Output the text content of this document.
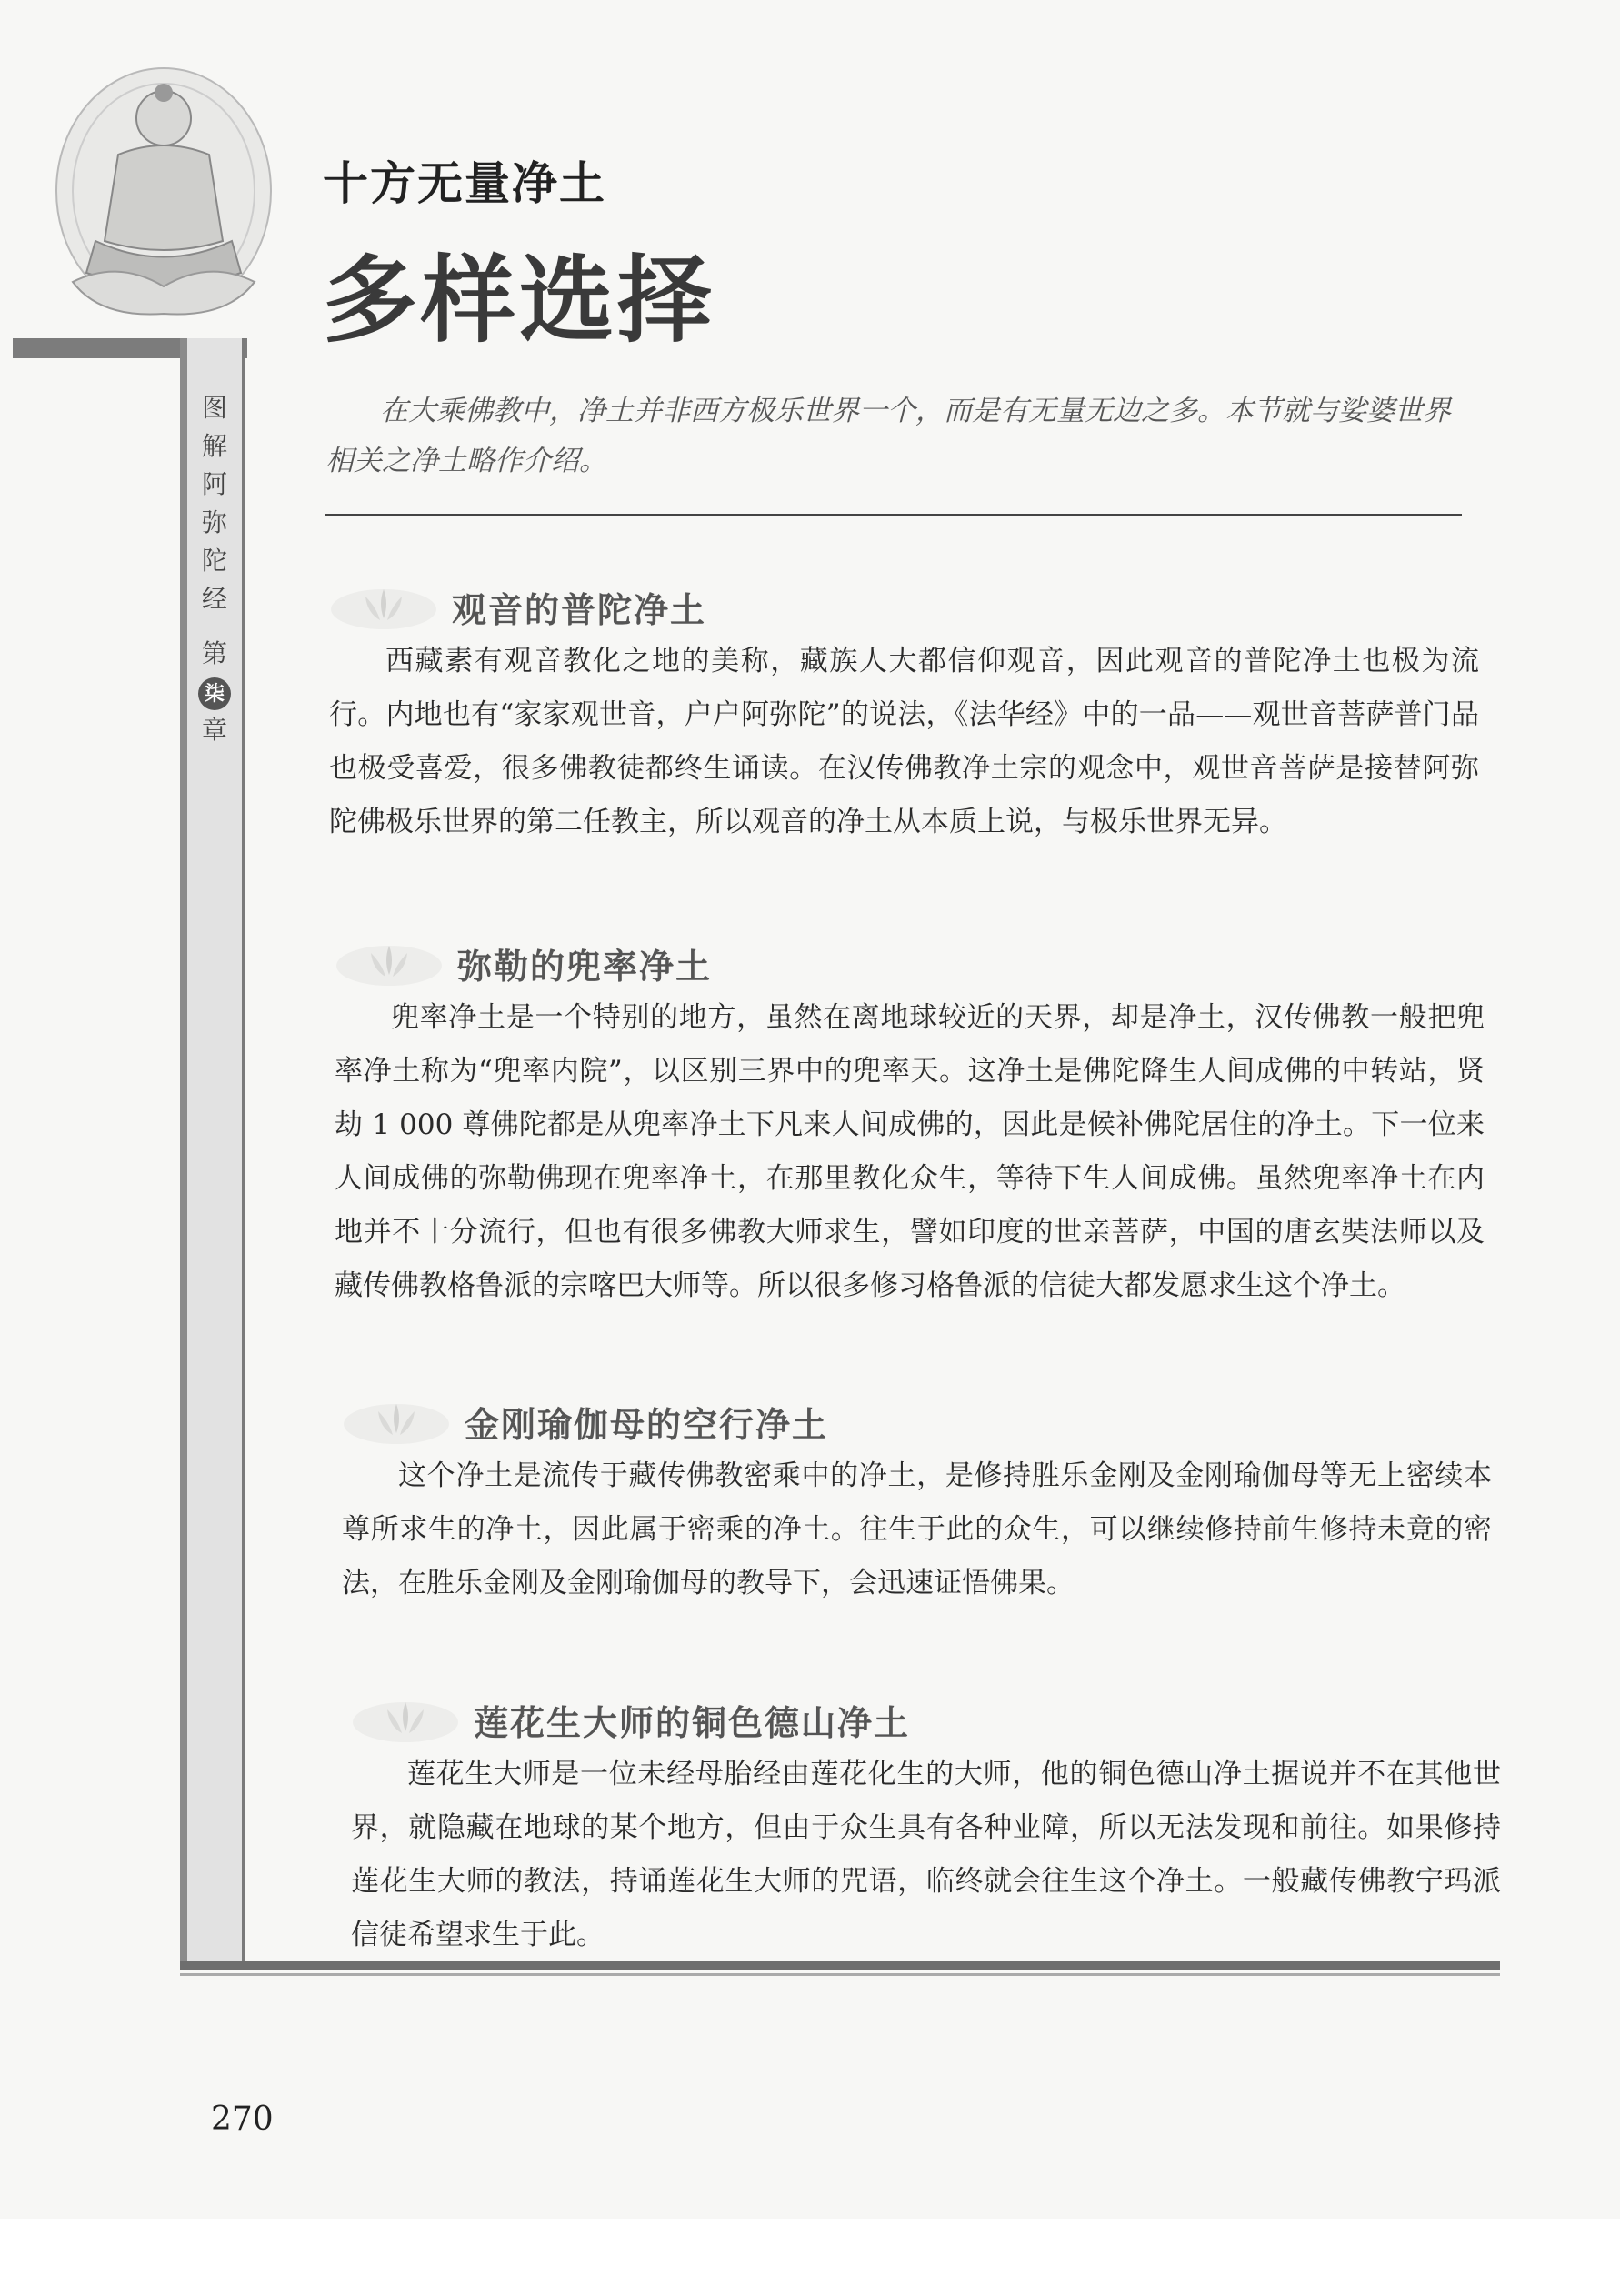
十方无量净土
多样选择
图
解
阿
弥
陀
经
第
柒
章
在大乘佛教中，净土并非西方极乐世界一个，而是有无量无边之多。本节就与娑婆世界相关之净土略作介绍。
观音的普陀净土
西藏素有观音教化之地的美称，藏族人大都信仰观音，因此观音的普陀净土也极为流行。内地也有“家家观世音，户户阿弥陀”的说法，《法华经》中的一品——观世音菩萨普门品也极受喜爱，很多佛教徒都终生诵读。在汉传佛教净土宗的观念中，观世音菩萨是接替阿弥陀佛极乐世界的第二任教主，所以观音的净土从本质上说，与极乐世界无异。
弥勒的兜率净土
兜率净土是一个特别的地方，虽然在离地球较近的天界，却是净土，汉传佛教一般把兜率净土称为“兜率内院”，以区别三界中的兜率天。这净土是佛陀降生人间成佛的中转站，贤劫 1 000 尊佛陀都是从兜率净土下凡来人间成佛的，因此是候补佛陀居住的净土。下一位来人间成佛的弥勒佛现在兜率净土，在那里教化众生，等待下生人间成佛。虽然兜率净土在内地并不十分流行，但也有很多佛教大师求生，譬如印度的世亲菩萨，中国的唐玄奘法师以及藏传佛教格鲁派的宗喀巴大师等。所以很多修习格鲁派的信徒大都发愿求生这个净土。
金刚瑜伽母的空行净土
这个净土是流传于藏传佛教密乘中的净土，是修持胜乐金刚及金刚瑜伽母等无上密续本尊所求生的净土，因此属于密乘的净土。往生于此的众生，可以继续修持前生修持未竟的密法，在胜乐金刚及金刚瑜伽母的教导下，会迅速证悟佛果。
莲花生大师的铜色德山净土
莲花生大师是一位未经母胎经由莲花化生的大师，他的铜色德山净土据说并不在其他世界，就隐藏在地球的某个地方，但由于众生具有各种业障，所以无法发现和前往。如果修持莲花生大师的教法，持诵莲花生大师的咒语，临终就会往生这个净土。一般藏传佛教宁玛派信徒希望求生于此。
270
